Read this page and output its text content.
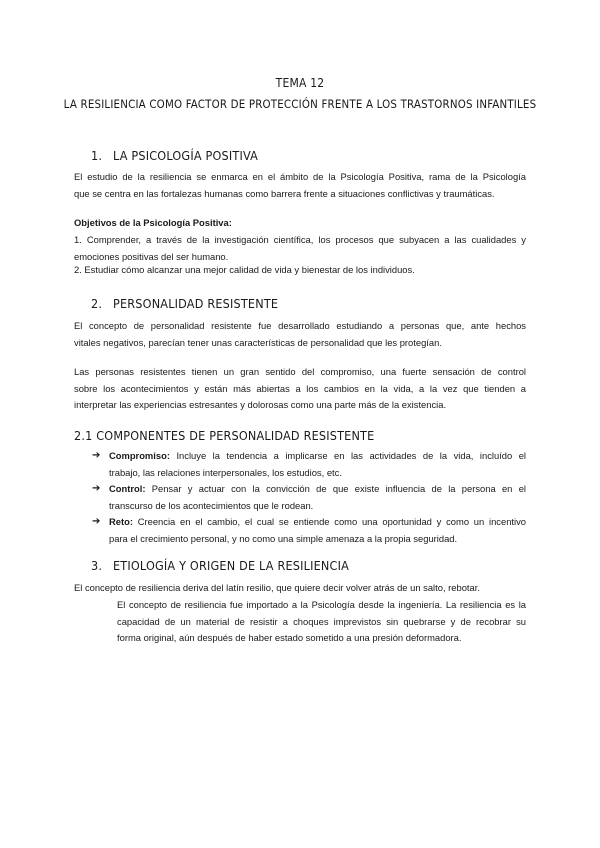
TEMA 12
LA RESILIENCIA COMO FACTOR DE PROTECCIÓN FRENTE A LOS TRASTORNOS INFANTILES
1. LA PSICOLOGÍA POSITIVA
El estudio de la resiliencia se enmarca en el ámbito de la Psicología Positiva, rama de la Psicología
que se centra en las fortalezas humanas como barrera frente a situaciones conflictivas y traumáticas.
Objetivos de la Psicología Positiva:
1. Comprender, a través de la investigación científica, los procesos que subyacen a las cualidades y
emociones positivas del ser humano.
2. Estudiar cómo alcanzar una mejor calidad de vida y bienestar de los individuos.
2. PERSONALIDAD RESISTENTE
El concepto de personalidad resistente fue desarrollado estudiando a personas que, ante hechos
vitales negativos, parecían tener unas características de personalidad que les protegían.
Las personas resistentes tienen un gran sentido del compromiso, una fuerte sensación de control
sobre los acontecimientos y están más abiertas a los cambios en la vida, a la vez que tienden a
interpretar las experiencias estresantes y dolorosas como una parte más de la existencia.
2.1 COMPONENTES DE PERSONALIDAD RESISTENTE
➔ Compromiso: Incluye la tendencia a implicarse en las actividades de la vida, incluído el
trabajo, las relaciones interpersonales, los estudios, etc.
➔ Control: Pensar y actuar con la convicción de que existe influencia de la persona en el
transcurso de los acontecimientos que le rodean.
➔ Reto: Creencia en el cambio, el cual se entiende como una oportunidad y como un incentivo
para el crecimiento personal, y no como una simple amenaza a la propia seguridad.
3. ETIOLOGÍA Y ORIGEN DE LA RESILIENCIA
El concepto de resiliencia deriva del latín resilio, que quiere decir volver atrás de un salto, rebotar.
El concepto de resiliencia fue importado a la Psicología desde la ingeniería. La resiliencia es la
capacidad de un material de resistir a choques imprevistos sin quebrarse y de recobrar su
forma original, aún después de haber estado sometido a una presión deformadora.
